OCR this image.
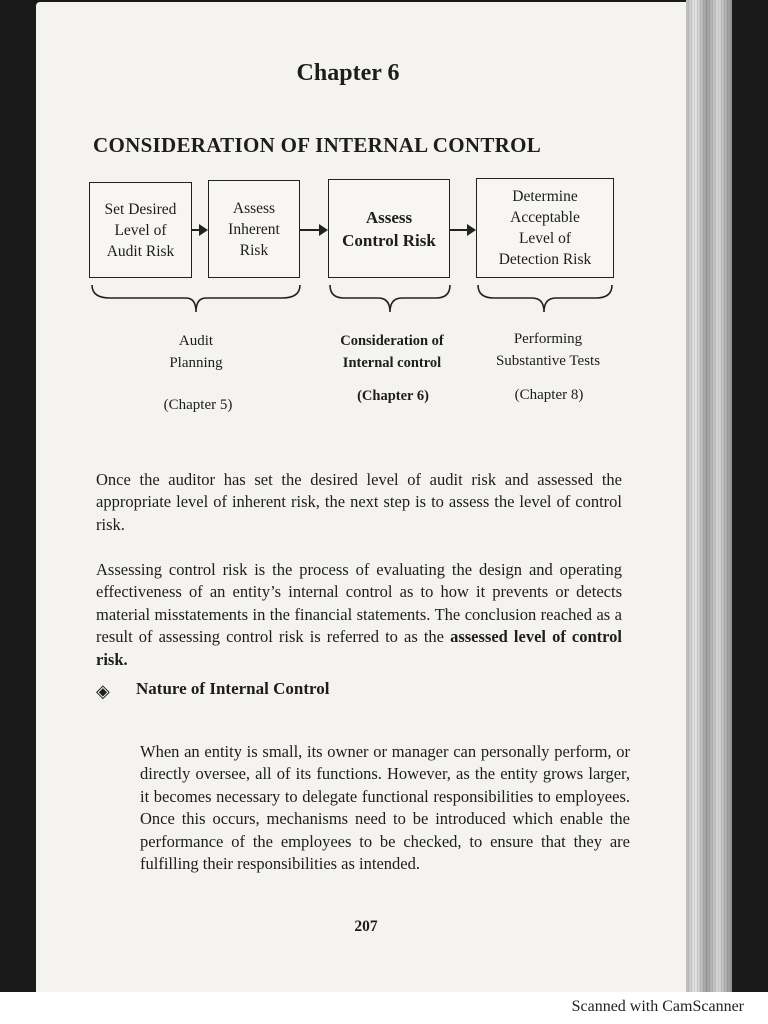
Chapter 6
CONSIDERATION OF INTERNAL CONTROL
Set Desired
Level of
Audit Risk
Assess
Inherent
Risk
Assess
Control Risk
Determine
Acceptable
Level of
Detection Risk
Audit
Planning
Consideration of
Internal control
Performing
Substantive Tests
(Chapter 5)
(Chapter 6)	(Chapter 8)

Once the auditor has set the desired level of audit risk and assessed the appropriate level of inherent risk, the next step is to assess the level of control risk.

Assessing control risk is the process of evaluating the design and operating effectiveness of an entity’s internal control as to how it prevents or detects material misstatements in the financial statements. The conclusion reached as a result of assessing control risk is referred to as the assessed level of control risk.

◈ Nature of Internal Control

When an entity is small, its owner or manager can personally perform, or directly oversee, all of its functions. However, as the entity grows larger, it becomes necessary to delegate functional responsibilities to employees. Once this occurs, mechanisms need to be introduced which enable the performance of the employees to be checked, to ensure that they are fulfilling their responsibilities as intended.

207
Scanned with CamScanner
